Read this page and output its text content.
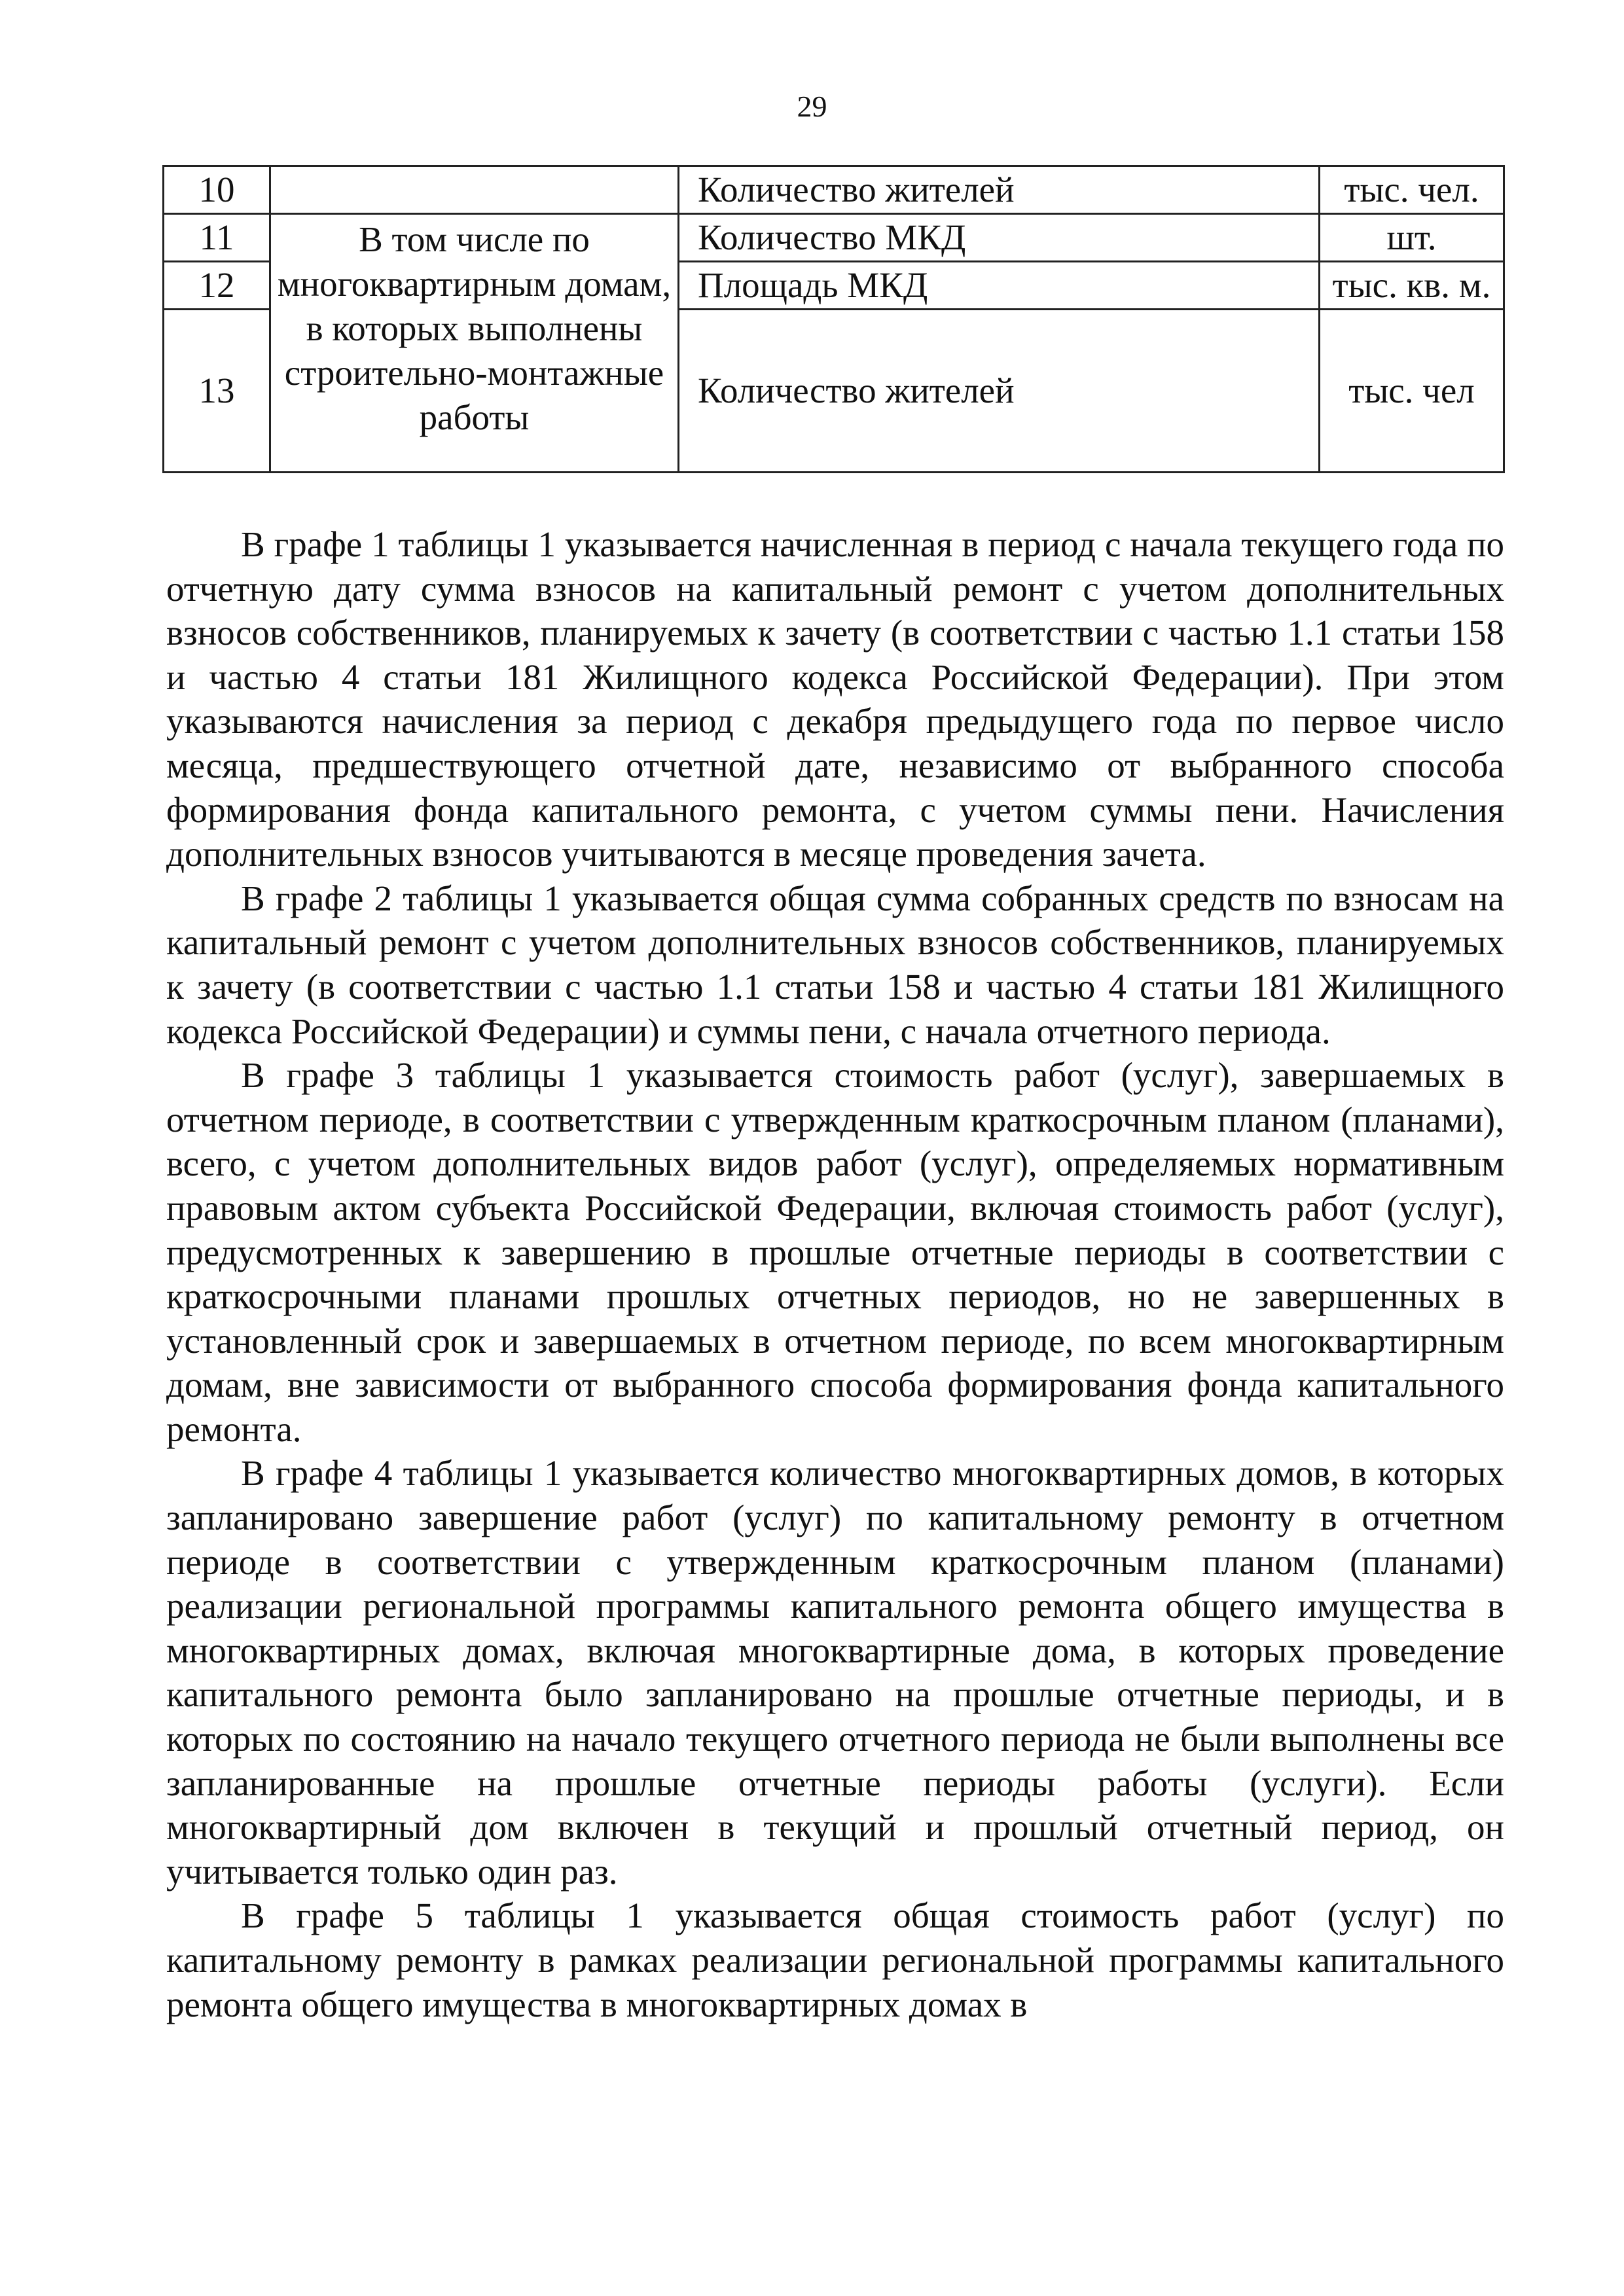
29
10		Количество жителей	тыс. чел.
11	В том числе по многоквартирным домам, в которых выполнены строительно-монтажные работы	Количество МКД	шт.
12		Площадь МКД	тыс. кв. м.
13		Количество жителей	тыс. чел

В графе 1 таблицы 1 указывается начисленная в период с начала текущего года по отчетную дату сумма взносов на капитальный ремонт с учетом дополнительных взносов собственников, планируемых к зачету (в соответствии с частью 1.1 статьи 158 и частью 4 статьи 181 Жилищного кодекса Российской Федерации). При этом указываются начисления за период с декабря предыдущего года по первое число месяца, предшествующего отчетной дате, независимо от выбранного способа формирования фонда капитального ремонта, с учетом суммы пени. Начисления дополнительных взносов учитываются в месяце проведения зачета.

В графе 2 таблицы 1 указывается общая сумма собранных средств по взносам на капитальный ремонт с учетом дополнительных взносов собственников, планируемых к зачету (в соответствии с частью 1.1 статьи 158 и частью 4 статьи 181 Жилищного кодекса Российской Федерации) и суммы пени, с начала отчетного периода.

В графе 3 таблицы 1 указывается стоимость работ (услуг), завершаемых в отчетном периоде, в соответствии с утвержденным краткосрочным планом (планами), всего, с учетом дополнительных видов работ (услуг), определяемых нормативным правовым актом субъекта Российской Федерации, включая стоимость работ (услуг), предусмотренных к завершению в прошлые отчетные периоды в соответствии с краткосрочными планами прошлых отчетных периодов, но не завершенных в установленный срок и завершаемых в отчетном периоде, по всем многоквартирным домам, вне зависимости от выбранного способа формирования фонда капитального ремонта.

В графе 4 таблицы 1 указывается количество многоквартирных домов, в которых запланировано завершение работ (услуг) по капитальному ремонту в отчетном периоде в соответствии с утвержденным краткосрочным планом (планами) реализации региональной программы капитального ремонта общего имущества в многоквартирных домах, включая многоквартирные дома, в которых проведение капитального ремонта было запланировано на прошлые отчетные периоды, и в которых по состоянию на начало текущего отчетного периода не были выполнены все запланированные на прошлые отчетные периоды работы (услуги). Если многоквартирный дом включен в текущий и прошлый отчетный период, он учитывается только один раз.

В графе 5 таблицы 1 указывается общая стоимость работ (услуг) по капитальному ремонту в рамках реализации региональной программы капитального ремонта общего имущества в многоквартирных домах в
